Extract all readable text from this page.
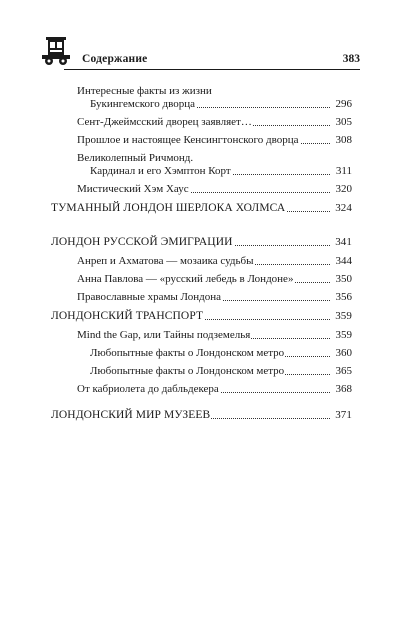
Содержание	383
Интересные факты из жизни
Букингемского дворца	296
Сент-Джеймсский дворец заявляет…	305
Прошлое и настоящее Кенсингтонского дворца	308
Великолепный Ричмонд.
Кардинал и его Хэмптон Корт	311
Мистический Хэм Хаус	320
ТУМАННЫЙ ЛОНДОН ШЕРЛОКА ХОЛМСА	324
ЛОНДОН РУССКОЙ ЭМИГРАЦИИ	341
Анреп и Ахматова — мозаика судьбы	344
Анна Павлова — «русский лебедь в Лондоне»	350
Православные храмы Лондона	356
ЛОНДОНСКИЙ ТРАНСПОРТ	359
Mind the Gap, или Тайны подземелья	359
Любопытные факты о Лондонском метро	360
Любопытные факты о Лондонском метро	365
От кабриолета до дабльдекера	368
ЛОНДОНСКИЙ МИР МУЗЕЕВ	371
